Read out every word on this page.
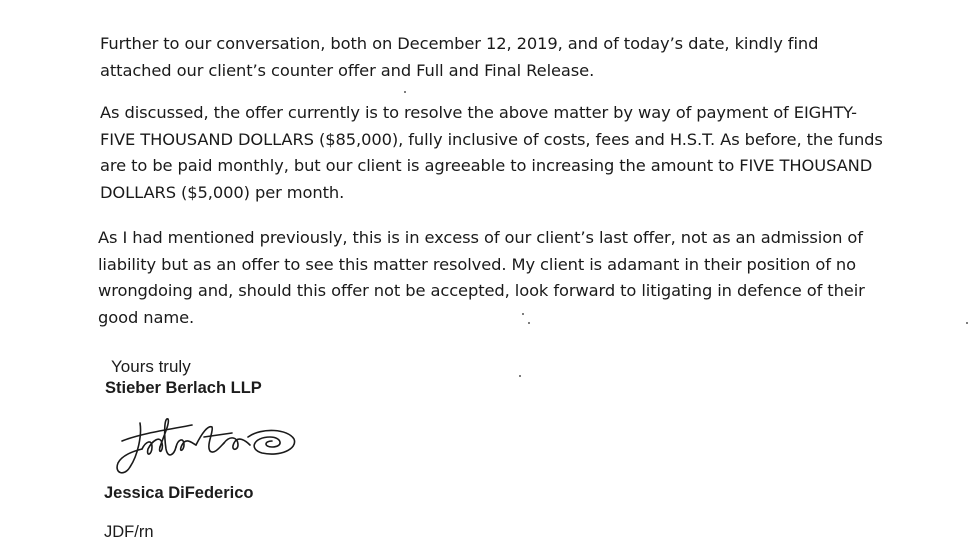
Further to our conversation, both on December 12, 2019, and of today’s date, kindly find
attached our client’s counter offer and Full and Final Release.

As discussed, the offer currently is to resolve the above matter by way of payment of EIGHTY-
FIVE THOUSAND DOLLARS ($85,000), fully inclusive of costs, fees and H.S.T. As before, the funds
are to be paid monthly, but our client is agreeable to increasing the amount to FIVE THOUSAND
DOLLARS ($5,000) per month.

As I had mentioned previously, this is in excess of our client’s last offer, not as an admission of
liability but as an offer to see this matter resolved. My client is adamant in their position of no
wrongdoing and, should this offer not be accepted, look forward to litigating in defence of their
good name.

Yours truly
Stieber Berlach LLP
Jessica DiFederico
JDF/rn
